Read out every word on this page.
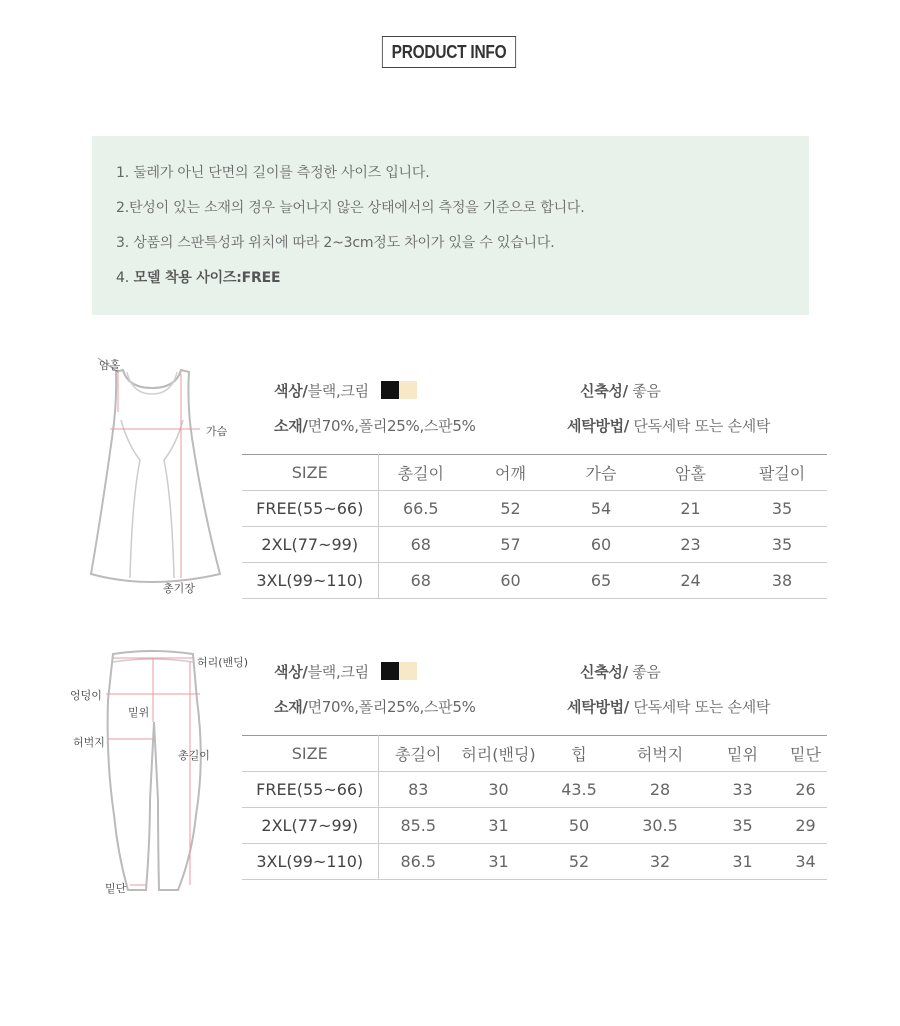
PRODUCT INFO
1. 둘레가 아닌 단면의 길이를 측정한 사이즈 입니다.
2.탄성이 있는 소재의 경우 늘어나지 않은 상태에서의 측정을 기준으로 합니다.
3. 상품의 스판특성과 위치에 따라 2~3cm정도 차이가 있을 수 있습니다.
4. 모델 착용 사이즈:FREE
암홀
가슴
총기장
색상/블랙,크림	신축성/ 좋음
소재/면70%,폴리25%,스판5%	세탁방법/ 단독세탁 또는 손세탁
SIZE	총길이	어깨	가슴	암홀	팔길이
FREE(55~66)	66.5	52	54	21	35
2XL(77~99)	68	57	60	23	35
3XL(99~110)	68	60	65	24	38
허리(밴딩)
엉덩이
밑위
허벅지
총길이
밑단
색상/블랙,크림	신축성/ 좋음
소재/면70%,폴리25%,스판5%	세탁방법/ 단독세탁 또는 손세탁
SIZE	총길이	허리(밴딩)	힙	허벅지	밑위	밑단
FREE(55~66)	83	30	43.5	28	33	26
2XL(77~99)	85.5	31	50	30.5	35	29
3XL(99~110)	86.5	31	52	32	31	34
